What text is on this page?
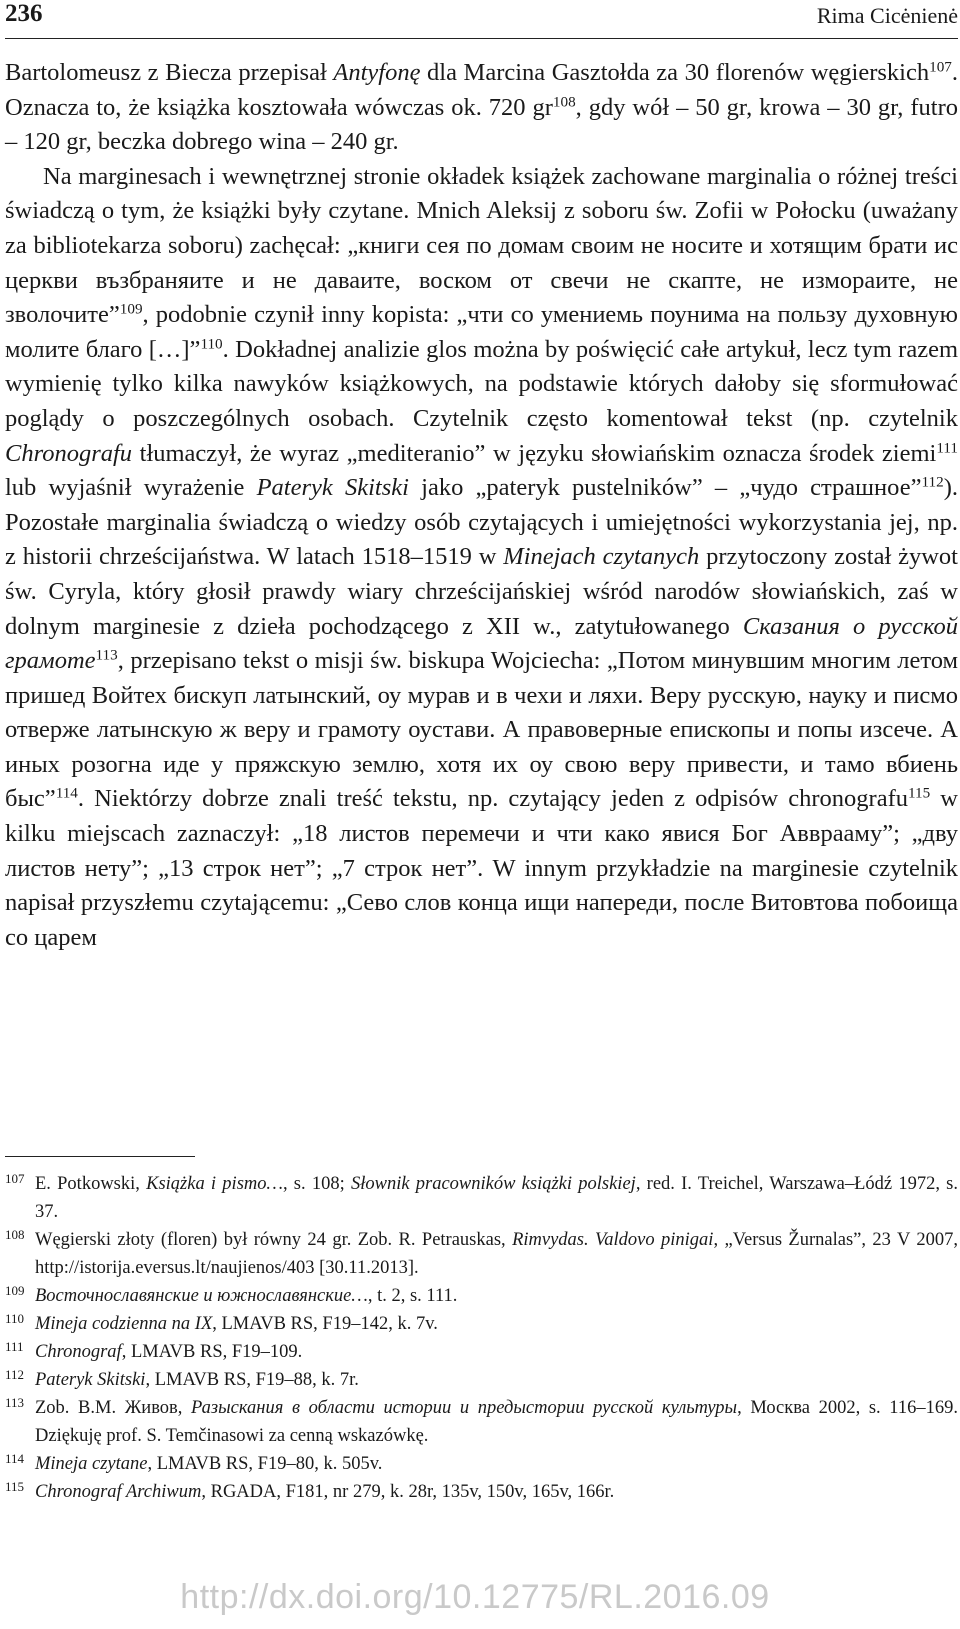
236	Rima Cicėnienė

Bartolomeusz z Biecza przepisał Antyfonę dla Marcina Gasztołda za 30 florenów węgierskich$^{107}$. Oznacza to, że książka kosztowała wówczas ok. 720 $gr^{108}$, gdy wół – 50 gr, krowa – 30 gr, futro – 120 gr, beczka dobrego wina – 240 gr.

Na marginesach i wewnętrznej stronie okładek książek zachowane marginalia o różnej treści świadczą o tym, że książki były czytane. Mnich Aleksij z soboru św. Zofii w Połocku (uważany za bibliotekarza soboru) zachęcał: „книги сея по домам своим не носите и хотящим брати ис церкви възбраняите и не даваите, воском от свечи не скапте, не измораите, не зволочите”$^{109}$, podobnie czynił inny kopista: „чти со умениемь поунима на пользу духовную молите благо […]”$^{110}$. Dokładnej analizie glos można by poświęcić całe artykuł, lecz tym razem wymienię tylko kilka nawyków książkowych, na podstawie których dałoby się sformułować poglądy o poszczególnych osobach. Czytelnik często komentował tekst (np. czytelnik Chronografu tłumaczył, że wyraz „mediteranio” w języku słowiańskim oznacza środek ziemi$^{111}$ lub wyjaśnił wyrażenie Pateryk Skitski jako „pateryk pustelników” – „чудо страшное”$^{112}$). Pozostałe marginalia świadczą o wiedzy osób czytających i umiejętności wykorzystania jej, np. z historii chrześcijaństwa. W latach 1518–1519 w Minejach czytanych przytoczony został żywot św. Cyryla, który głosił prawdy wiary chrześcijańskiej wśród narodów słowiańskich, zaś w dolnym marginesie z dzieła pochodzącego z XII w., zatytułowanego Сказания о русской грамоте$^{113}$, przepisano tekst o misji św. biskupa Wojciecha: „Потом минувшим многим летом пришед Войтех бискуп латынский, оу мурав и в чехи и ляхи. Веру русскую, науку и писмо отверже латынскую ж веру и грамоту оустави. А правоверные епископы и попы изсече. А иных розогна иде у пряжскую землю, хотя их оу свою веру привести, и тамо вбиень быс”$^{114}$. Niektórzy dobrze znali treść tekstu, np. czytający jeden z odpisów chronografu$^{115}$ w kilku miejscach zaznaczył: „18 листов перемечи и чти како явися Бог Авврааму”; „дву листов нету”; „13 строк нет”; „7 строк нет”. W innym przykładzie na marginesie czytelnik napisał przyszłemu czytającemu: „Сево слов конца ищи напереди, после Витовтова побоища со царем

107 E. Potkowski, Książka i pismo…, s. 108; Słownik pracowników książki polskiej, red. I. Treichel, Warszawa–Łódź 1972, s. 37.
108 Węgierski złoty (floren) był równy 24 gr. Zob. R. Petrauskas, Rimvydas. Valdovo pinigai, „Versus Žurnalas”, 23 V 2007, http://istorija.eversus.lt/naujienos/403 [30.11.2013].
109 Восточнославянские и южнославянские…, t. 2, s. 111.
110 Mineja codzienna na IX, LMAVB RS, F19–142, k. 7v.
111 Chronograf, LMAVB RS, F19–109.
112 Pateryk Skitski, LMAVB RS, F19–88, k. 7r.
113 Zob. В.М. Живов, Разыскания в области истории и предыстории русской культуры, Москва 2002, s. 116–169. Dziękuję prof. S. Temčinasowi za cenną wskazówkę.
114 Mineja czytane, LMAVB RS, F19–80, k. 505v.
115 Chronograf Archiwum, RGADA, F181, nr 279, k. 28r, 135v, 150v, 165v, 166r.
http://dx.doi.org/10.12775/RL.2016.09
